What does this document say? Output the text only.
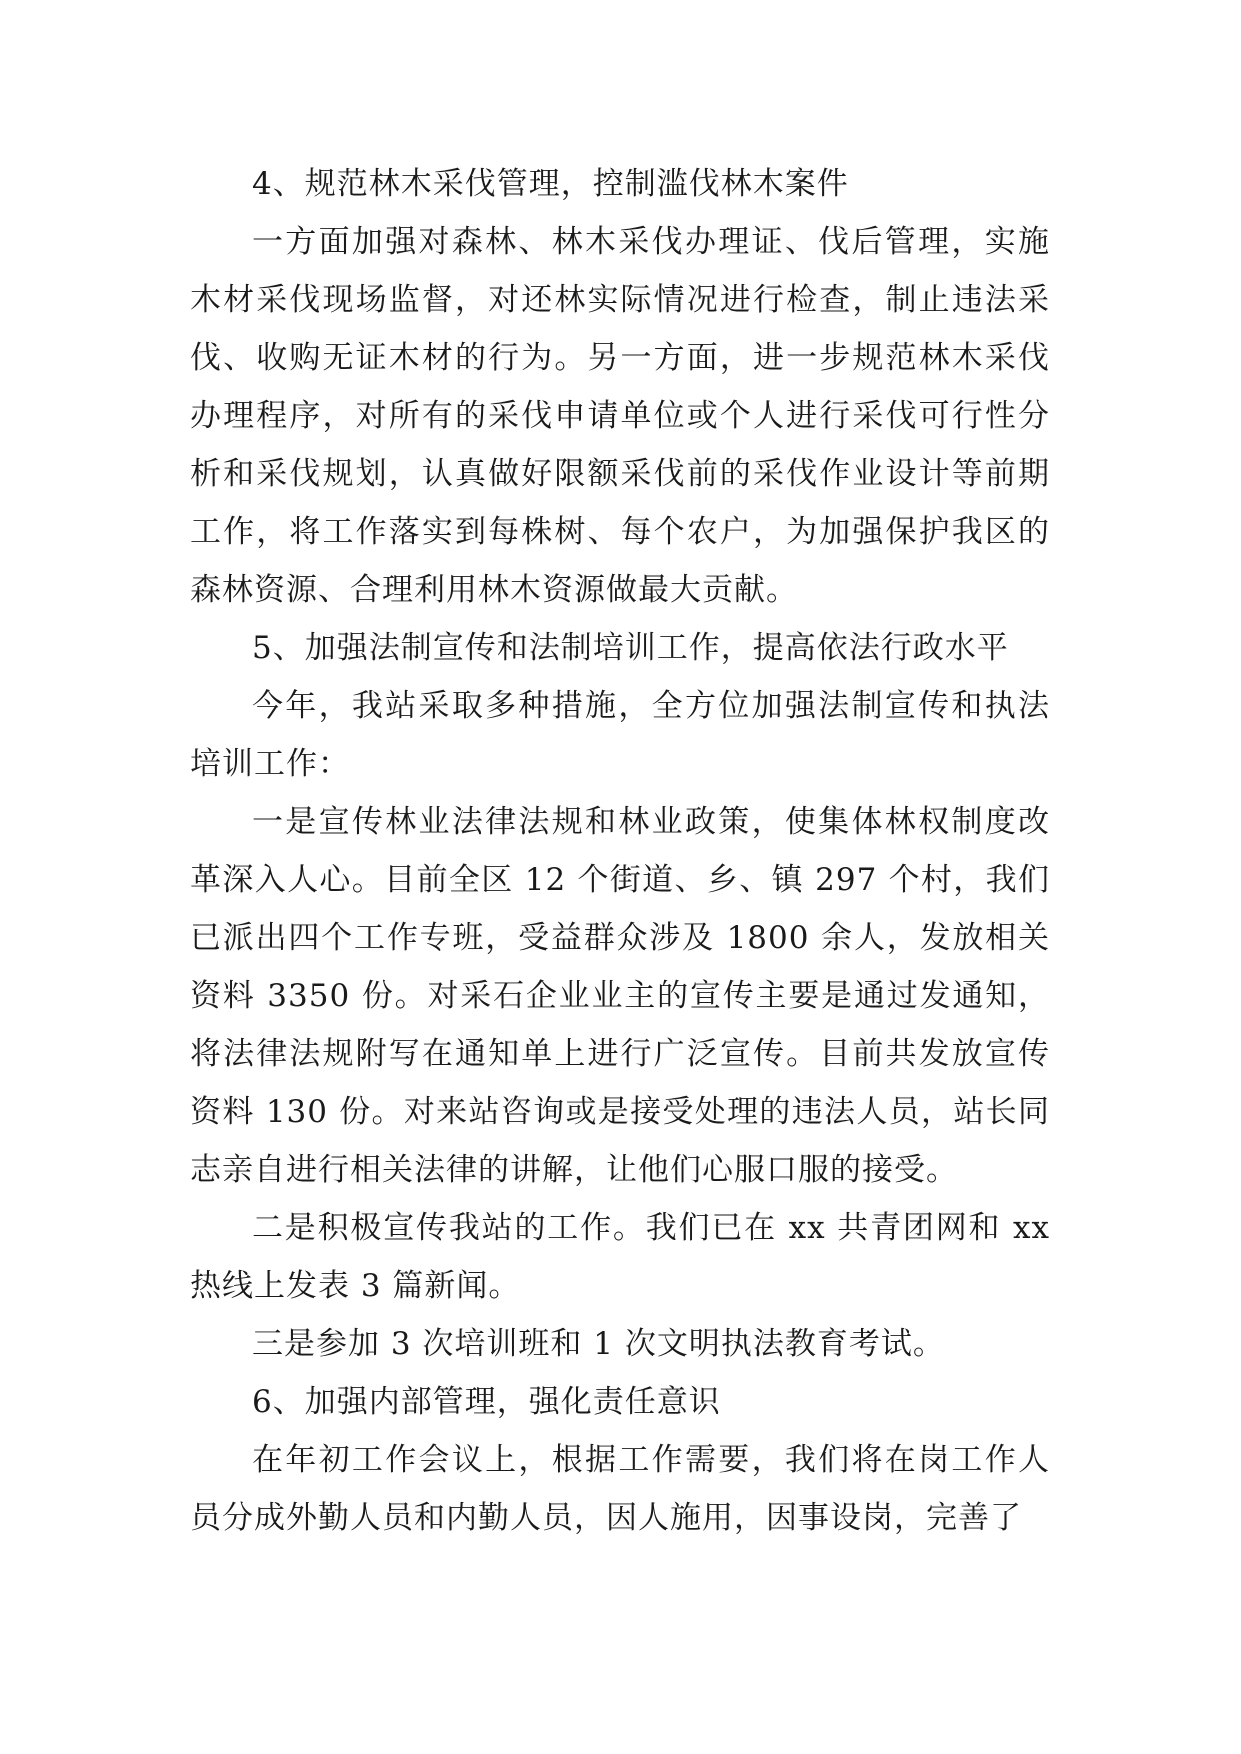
4、规范林木采伐管理，控制滥伐林木案件

一方面加强对森林、林木采伐办理证、伐后管理，实施木材采伐现场监督，对还林实际情况进行检查，制止违法采伐、收购无证木材的行为。另一方面，进一步规范林木采伐办理程序，对所有的采伐申请单位或个人进行采伐可行性分析和采伐规划，认真做好限额采伐前的采伐作业设计等前期工作，将工作落实到每株树、每个农户，为加强保护我区的森林资源、合理利用林木资源做最大贡献。

5、加强法制宣传和法制培训工作，提高依法行政水平

今年，我站采取多种措施，全方位加强法制宣传和执法培训工作：

一是宣传林业法律法规和林业政策，使集体林权制度改革深入人心。目前全区 12 个街道、乡、镇 297 个村，我们已派出四个工作专班，受益群众涉及 1800 余人，发放相关资料 3350 份。对采石企业业主的宣传主要是通过发通知，将法律法规附写在通知单上进行广泛宣传。目前共发放宣传资料 130 份。对来站咨询或是接受处理的违法人员，站长同志亲自进行相关法律的讲解，让他们心服口服的接受。

二是积极宣传我站的工作。我们已在 xx 共青团网和 xx 热线上发表 3 篇新闻。

三是参加 3 次培训班和 1 次文明执法教育考试。

6、加强内部管理，强化责任意识

在年初工作会议上，根据工作需要，我们将在岗工作人员分成外勤人员和内勤人员，因人施用，因事设岗，完善了
